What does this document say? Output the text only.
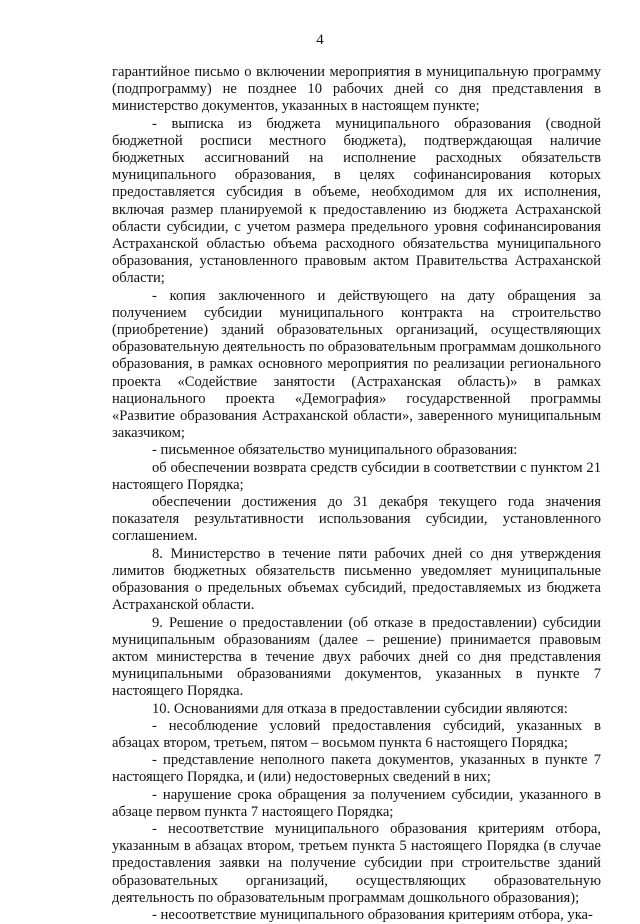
4

гарантийное письмо о включении мероприятия в муниципальную программу (подпрограмму) не позднее 10 рабочих дней со дня представления в министерство документов, указанных в настоящем пункте;

- выписка из бюджета муниципального образования (сводной бюджетной росписи местного бюджета), подтверждающая наличие бюджетных ассигнований на исполнение расходных обязательств муниципального образования, в целях софинансирования которых предоставляется субсидия в объеме, необходимом для их исполнения, включая размер планируемой к предоставлению из бюджета Астраханской области субсидии, с учетом размера предельного уровня софинансирования Астраханской областью объема расходного обязательства муниципального образования, установленного правовым актом Правительства Астраханской области;

- копия заключенного и действующего на дату обращения за получением субсидии муниципального контракта на строительство (приобретение) зданий образовательных организаций, осуществляющих образовательную деятельность по образовательным программам дошкольного образования, в рамках основного мероприятия по реализации регионального проекта «Содействие занятости (Астраханская область)» в рамках национального проекта «Демография» государственной программы «Развитие образования Астраханской области», заверенного муниципальным заказчиком;

- письменное обязательство муниципального образования:

об обеспечении возврата средств субсидии в соответствии с пунктом 21 настоящего Порядка;

обеспечении достижения до 31 декабря текущего года значения показателя результативности использования субсидии, установленного соглашением.

8. Министерство в течение пяти рабочих дней со дня утверждения лимитов бюджетных обязательств письменно уведомляет муниципальные образования о предельных объемах субсидий, предоставляемых из бюджета Астраханской области.

9. Решение о предоставлении (об отказе в предоставлении) субсидии муниципальным образованиям (далее – решение) принимается правовым актом министерства в течение двух рабочих дней со дня представления муниципальными образованиями документов, указанных в пункте 7 настоящего Порядка.

10. Основаниями для отказа в предоставлении субсидии являются:

- несоблюдение условий предоставления субсидий, указанных в абзацах втором, третьем, пятом – восьмом пункта 6 настоящего Порядка;

- представление неполного пакета документов, указанных в пункте 7 настоящего Порядка, и (или) недостоверных сведений в них;

- нарушение срока обращения за получением субсидии, указанного в абзаце первом пункта 7 настоящего Порядка;

- несоответствие муниципального образования критериям отбора, указанным в абзацах втором, третьем пункта 5 настоящего Порядка (в случае предоставления заявки на получение субсидии при строительстве зданий образовательных организаций, осуществляющих образовательную деятельность по образовательным программам дошкольного образования);

- несоответствие муниципального образования критериям отбора, ука-
